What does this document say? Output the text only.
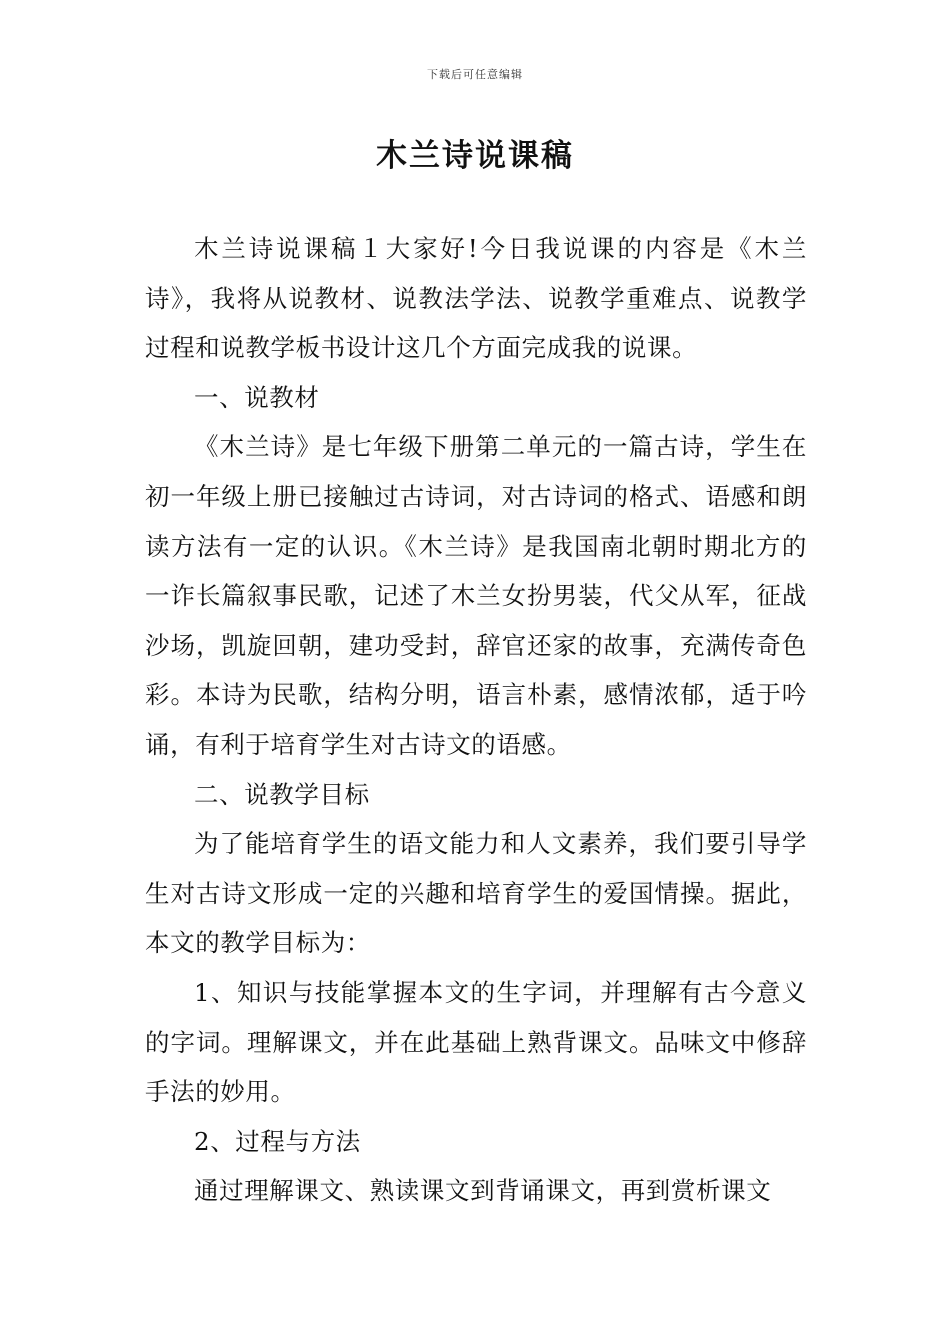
下载后可任意编辑
木兰诗说课稿

木兰诗说课稿１大家好!今日我说课的内容是《木兰诗》，我将从说教材、说教法学法、说教学重难点、说教学过程和说教学板书设计这几个方面完成我的说课。

一、说教材

《木兰诗》是七年级下册第二单元的一篇古诗，学生在初一年级上册已接触过古诗词，对古诗词的格式、语感和朗读方法有一定的认识。《木兰诗》是我国南北朝时期北方的一诈长篇叙事民歌，记述了木兰女扮男装，代父从军，征战沙场，凯旋回朝，建功受封，辞官还家的故事，充满传奇色彩。本诗为民歌，结构分明，语言朴素，感情浓郁，适于吟诵，有利于培育学生对古诗文的语感。

二、说教学目标

为了能培育学生的语文能力和人文素养，我们要引导学生对古诗文形成一定的兴趣和培育学生的爱国情操。据此，本文的教学目标为：

1、知识与技能掌握本文的生字词，并理解有古今意义的字词。理解课文，并在此基础上熟背课文。品味文中修辞手法的妙用。

2、过程与方法

通过理解课文、熟读课文到背诵课文，再到赏析课文
